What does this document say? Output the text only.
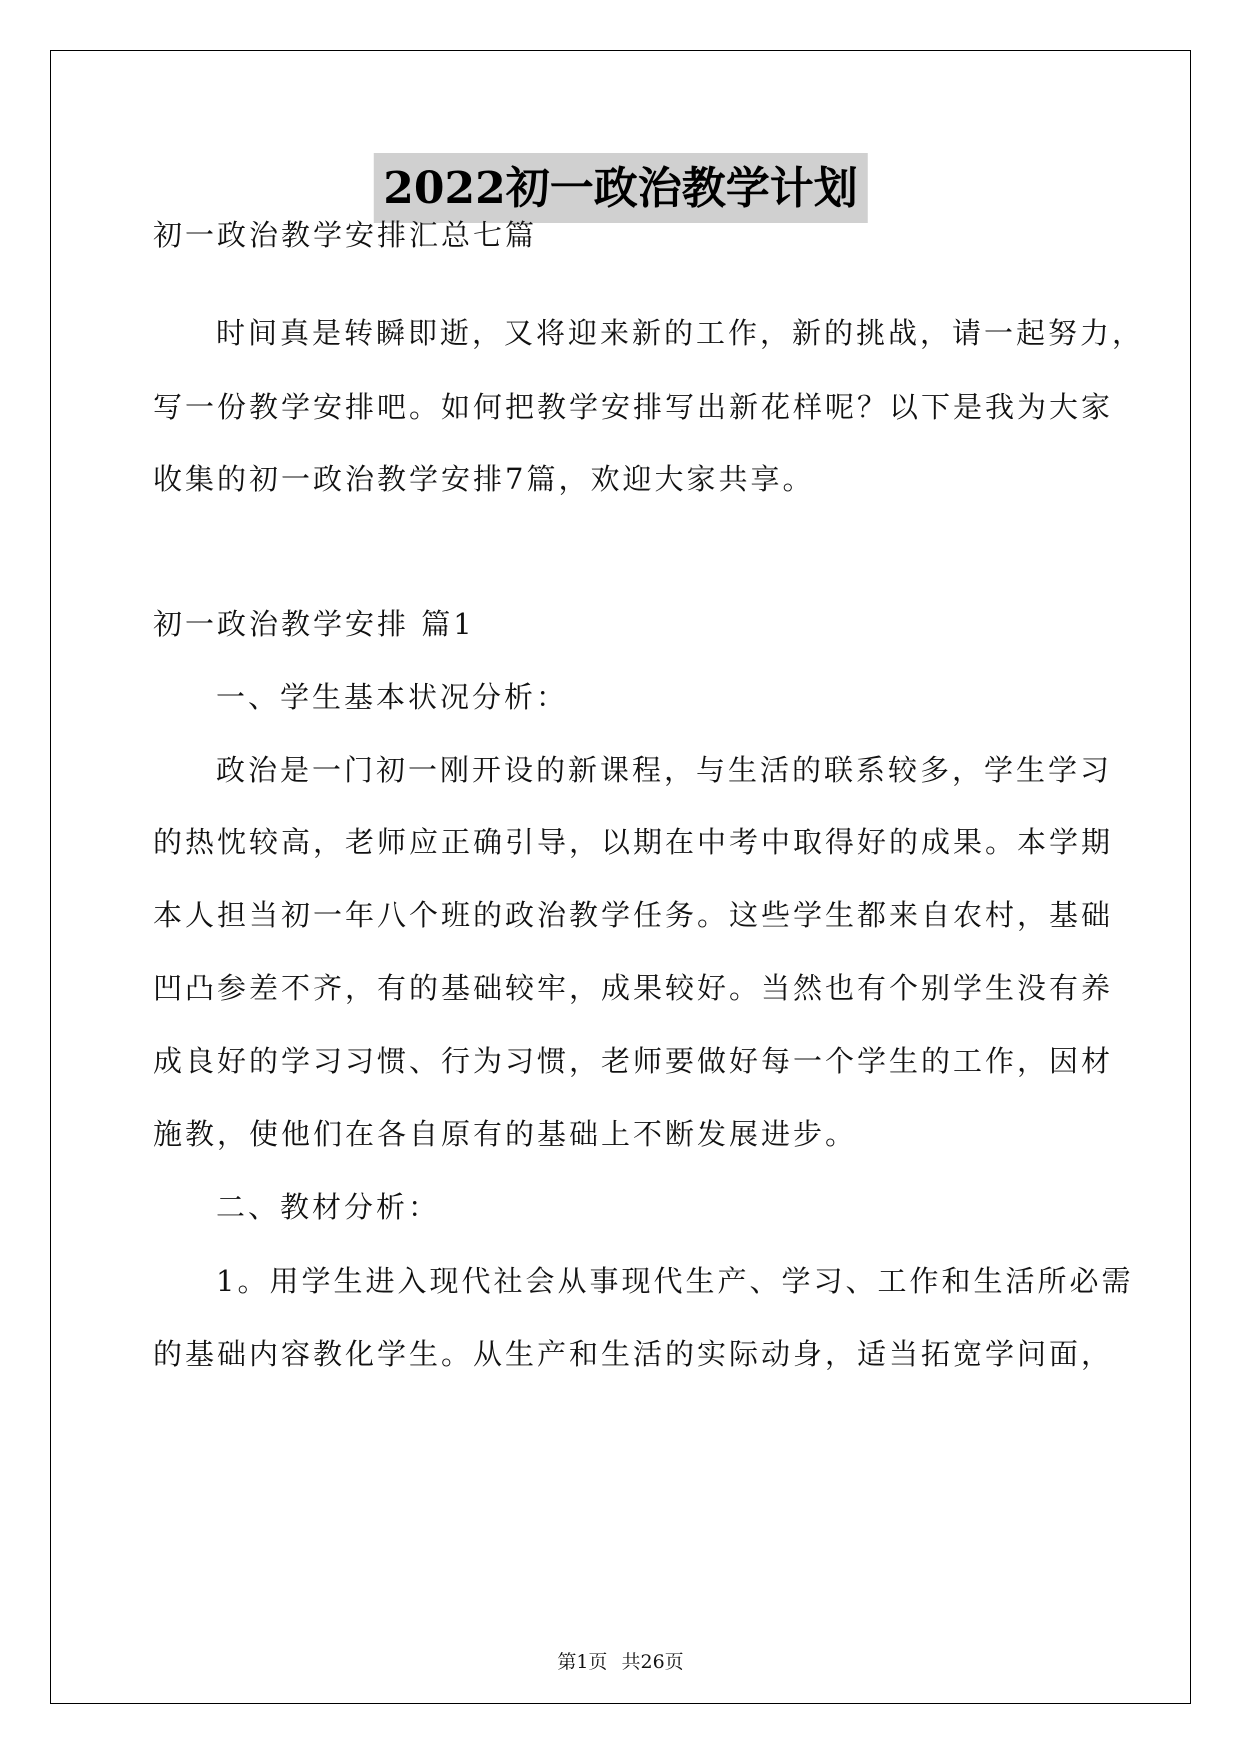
2022初一政治教学计划
初一政治教学安排汇总七篇
时间真是转瞬即逝，又将迎来新的工作，新的挑战，请一起努力，
写一份教学安排吧。如何把教学安排写出新花样呢？以下是我为大家
收集的初一政治教学安排7篇，欢迎大家共享。
初一政治教学安排 篇1
一、学生基本状况分析：
政治是一门初一刚开设的新课程，与生活的联系较多，学生学习
的热忱较高，老师应正确引导，以期在中考中取得好的成果。本学期
本人担当初一年八个班的政治教学任务。这些学生都来自农村，基础
凹凸参差不齐，有的基础较牢，成果较好。当然也有个别学生没有养
成良好的学习习惯、行为习惯，老师要做好每一个学生的工作，因材
施教，使他们在各自原有的基础上不断发展进步。
二、教材分析：
1。用学生进入现代社会从事现代生产、学习、工作和生活所必需
的基础内容教化学生。从生产和生活的实际动身，适当拓宽学问面，
第1页 共26页
